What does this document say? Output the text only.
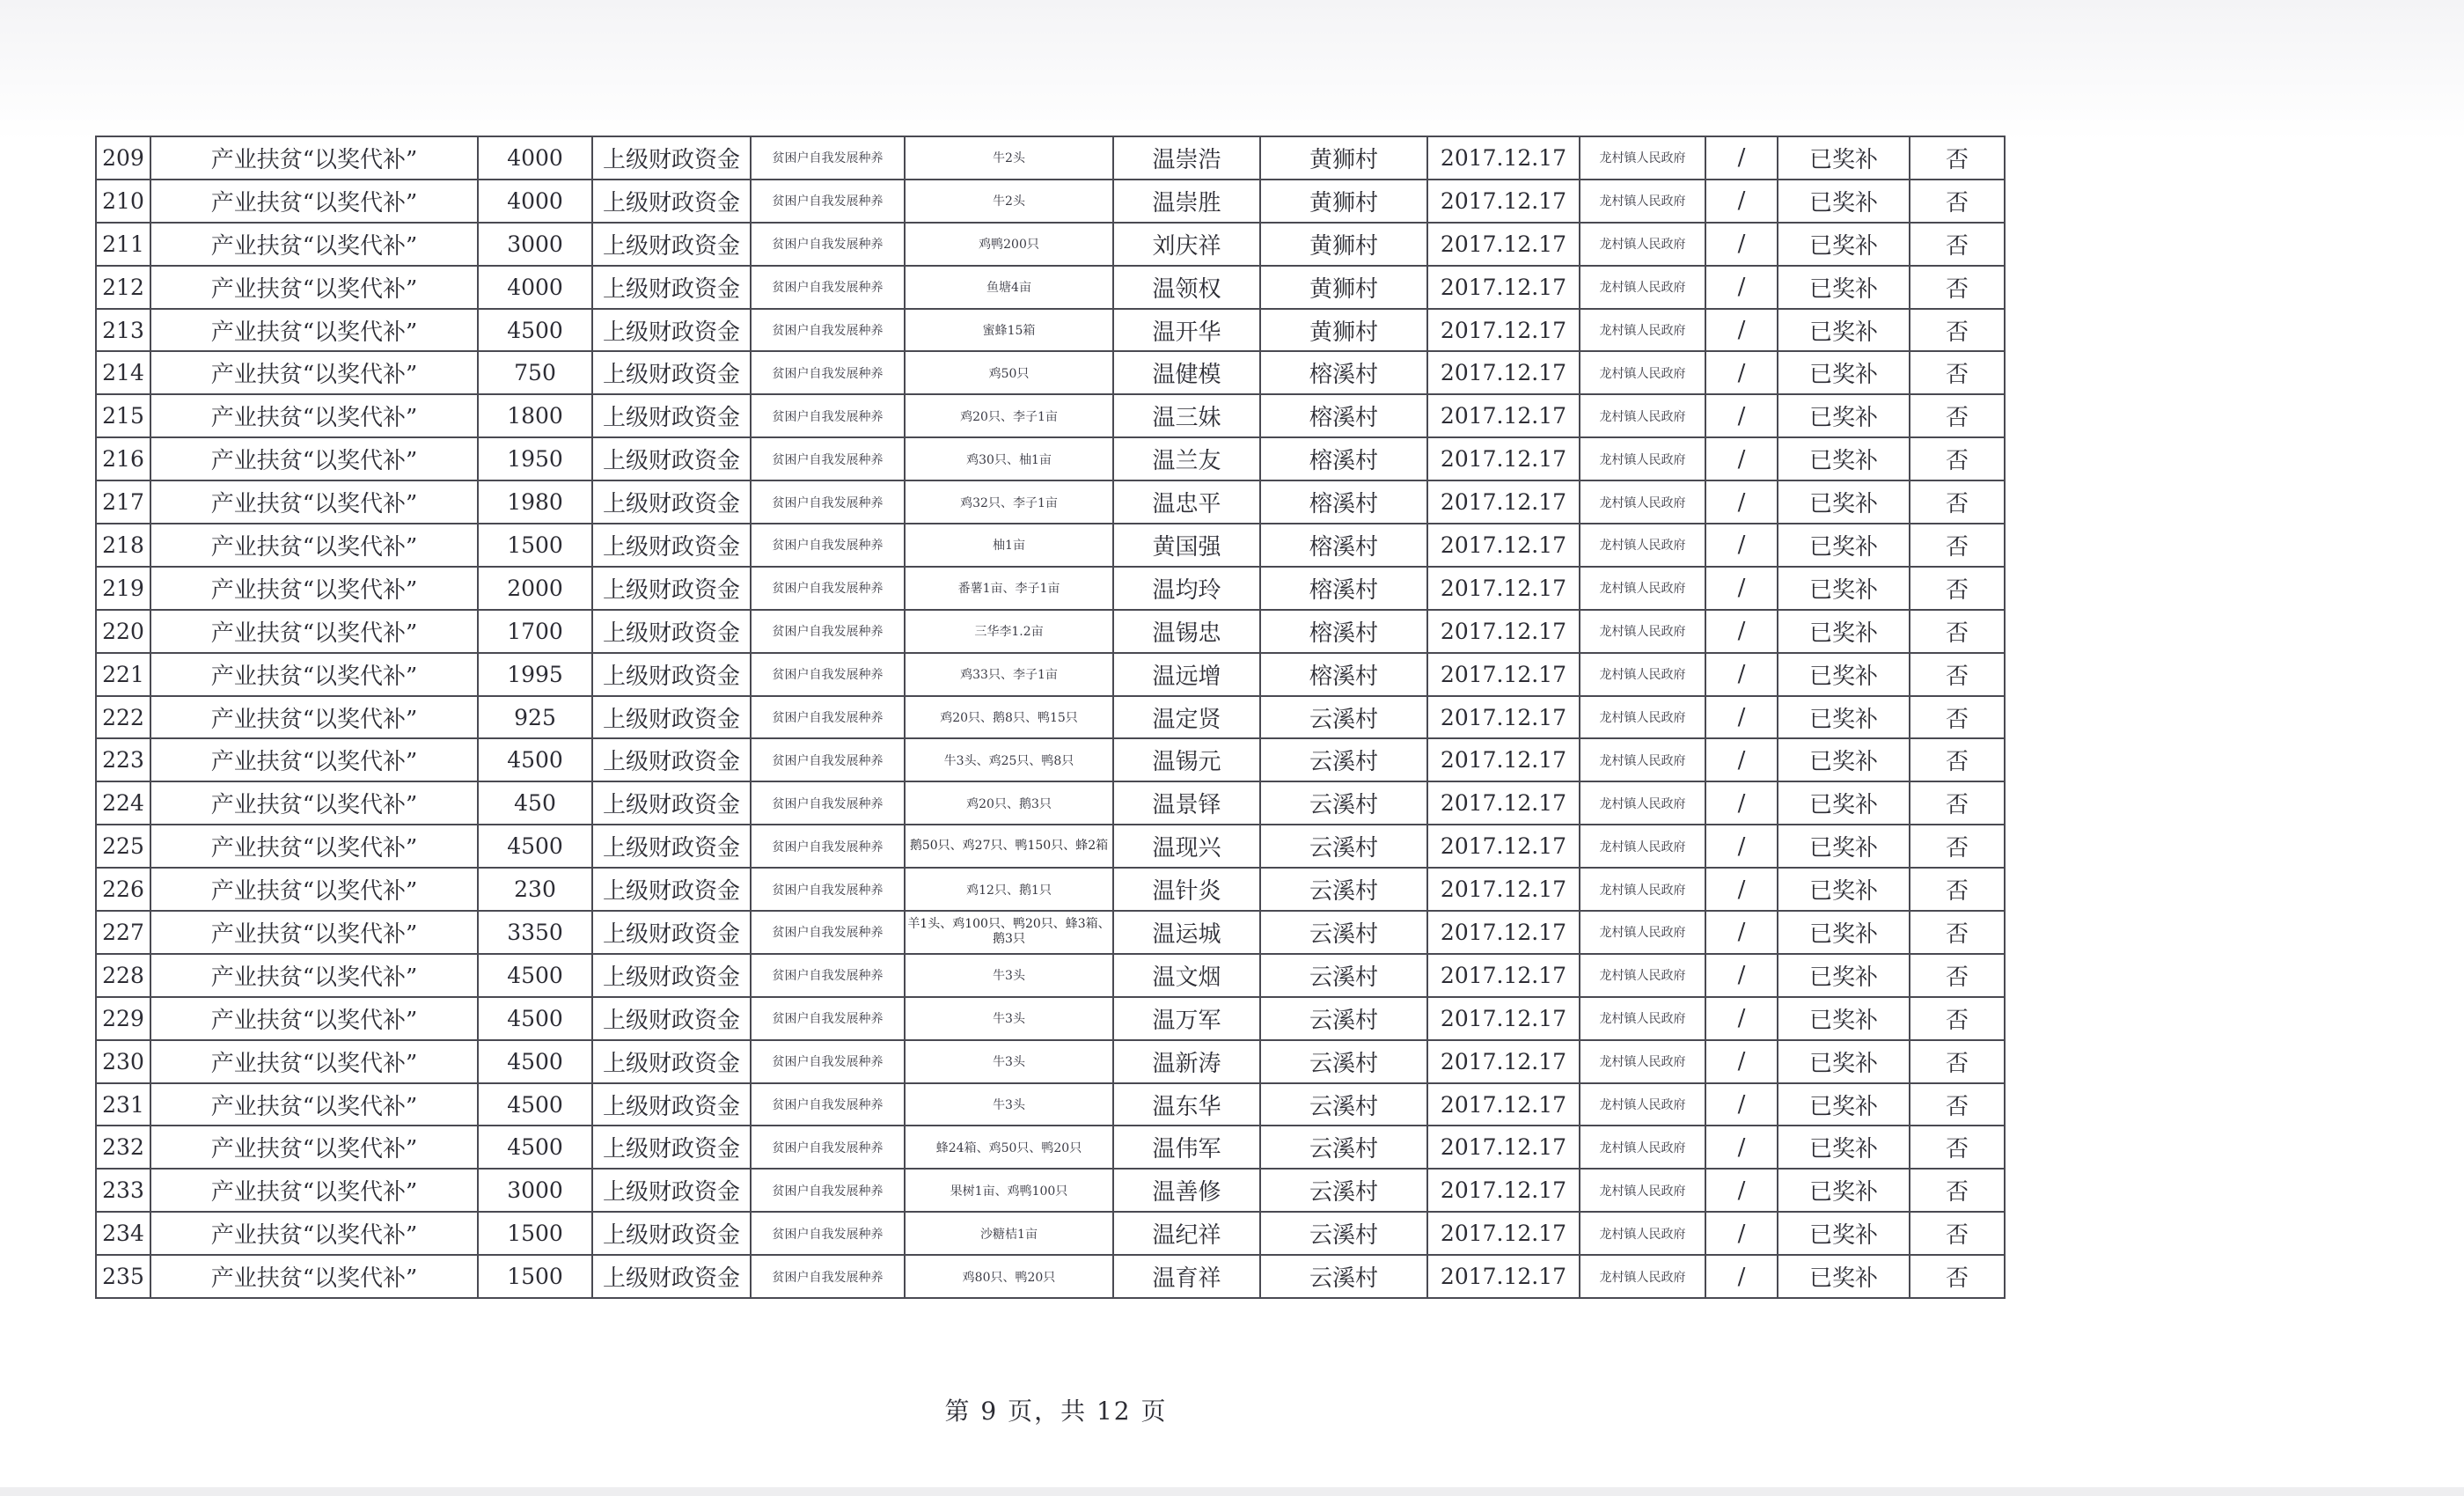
209	产业扶贫“以奖代补”	4000	上级财政资金	贫困户自我发展种养	牛2头	温崇浩	黄狮村	2017.12.17	龙村镇人民政府	/	已奖补	否
210	产业扶贫“以奖代补”	4000	上级财政资金	贫困户自我发展种养	牛2头	温崇胜	黄狮村	2017.12.17	龙村镇人民政府	/	已奖补	否
211	产业扶贫“以奖代补”	3000	上级财政资金	贫困户自我发展种养	鸡鸭200只	刘庆祥	黄狮村	2017.12.17	龙村镇人民政府	/	已奖补	否
212	产业扶贫“以奖代补”	4000	上级财政资金	贫困户自我发展种养	鱼塘4亩	温领权	黄狮村	2017.12.17	龙村镇人民政府	/	已奖补	否
213	产业扶贫“以奖代补”	4500	上级财政资金	贫困户自我发展种养	蜜蜂15箱	温开华	黄狮村	2017.12.17	龙村镇人民政府	/	已奖补	否
214	产业扶贫“以奖代补”	750	上级财政资金	贫困户自我发展种养	鸡50只	温健模	榕溪村	2017.12.17	龙村镇人民政府	/	已奖补	否
215	产业扶贫“以奖代补”	1800	上级财政资金	贫困户自我发展种养	鸡20只、李子1亩	温三妹	榕溪村	2017.12.17	龙村镇人民政府	/	已奖补	否
216	产业扶贫“以奖代补”	1950	上级财政资金	贫困户自我发展种养	鸡30只、柚1亩	温兰友	榕溪村	2017.12.17	龙村镇人民政府	/	已奖补	否
217	产业扶贫“以奖代补”	1980	上级财政资金	贫困户自我发展种养	鸡32只、李子1亩	温忠平	榕溪村	2017.12.17	龙村镇人民政府	/	已奖补	否
218	产业扶贫“以奖代补”	1500	上级财政资金	贫困户自我发展种养	柚1亩	黄国强	榕溪村	2017.12.17	龙村镇人民政府	/	已奖补	否
219	产业扶贫“以奖代补”	2000	上级财政资金	贫困户自我发展种养	番薯1亩、李子1亩	温均玲	榕溪村	2017.12.17	龙村镇人民政府	/	已奖补	否
220	产业扶贫“以奖代补”	1700	上级财政资金	贫困户自我发展种养	三华李1.2亩	温锡忠	榕溪村	2017.12.17	龙村镇人民政府	/	已奖补	否
221	产业扶贫“以奖代补”	1995	上级财政资金	贫困户自我发展种养	鸡33只、李子1亩	温远增	榕溪村	2017.12.17	龙村镇人民政府	/	已奖补	否
222	产业扶贫“以奖代补”	925	上级财政资金	贫困户自我发展种养	鸡20只、鹅8只、鸭15只	温定贤	云溪村	2017.12.17	龙村镇人民政府	/	已奖补	否
223	产业扶贫“以奖代补”	4500	上级财政资金	贫困户自我发展种养	牛3头、鸡25只、鸭8只	温锡元	云溪村	2017.12.17	龙村镇人民政府	/	已奖补	否
224	产业扶贫“以奖代补”	450	上级财政资金	贫困户自我发展种养	鸡20只、鹅3只	温景铎	云溪村	2017.12.17	龙村镇人民政府	/	已奖补	否
225	产业扶贫“以奖代补”	4500	上级财政资金	贫困户自我发展种养	鹅50只、鸡27只、鸭150只、蜂2箱	温现兴	云溪村	2017.12.17	龙村镇人民政府	/	已奖补	否
226	产业扶贫“以奖代补”	230	上级财政资金	贫困户自我发展种养	鸡12只、鹅1只	温针炎	云溪村	2017.12.17	龙村镇人民政府	/	已奖补	否
227	产业扶贫“以奖代补”	3350	上级财政资金	贫困户自我发展种养	羊1头、鸡100只、鸭20只、蜂3箱、鹅3只	温运城	云溪村	2017.12.17	龙村镇人民政府	/	已奖补	否
228	产业扶贫“以奖代补”	4500	上级财政资金	贫困户自我发展种养	牛3头	温文烟	云溪村	2017.12.17	龙村镇人民政府	/	已奖补	否
229	产业扶贫“以奖代补”	4500	上级财政资金	贫困户自我发展种养	牛3头	温万军	云溪村	2017.12.17	龙村镇人民政府	/	已奖补	否
230	产业扶贫“以奖代补”	4500	上级财政资金	贫困户自我发展种养	牛3头	温新涛	云溪村	2017.12.17	龙村镇人民政府	/	已奖补	否
231	产业扶贫“以奖代补”	4500	上级财政资金	贫困户自我发展种养	牛3头	温东华	云溪村	2017.12.17	龙村镇人民政府	/	已奖补	否
232	产业扶贫“以奖代补”	4500	上级财政资金	贫困户自我发展种养	蜂24箱、鸡50只、鸭20只	温伟军	云溪村	2017.12.17	龙村镇人民政府	/	已奖补	否
233	产业扶贫“以奖代补”	3000	上级财政资金	贫困户自我发展种养	果树1亩、鸡鸭100只	温善修	云溪村	2017.12.17	龙村镇人民政府	/	已奖补	否
234	产业扶贫“以奖代补”	1500	上级财政资金	贫困户自我发展种养	沙糖桔1亩	温纪祥	云溪村	2017.12.17	龙村镇人民政府	/	已奖补	否
235	产业扶贫“以奖代补”	1500	上级财政资金	贫困户自我发展种养	鸡80只、鸭20只	温育祥	云溪村	2017.12.17	龙村镇人民政府	/	已奖补	否
第 9 页，共 12 页
